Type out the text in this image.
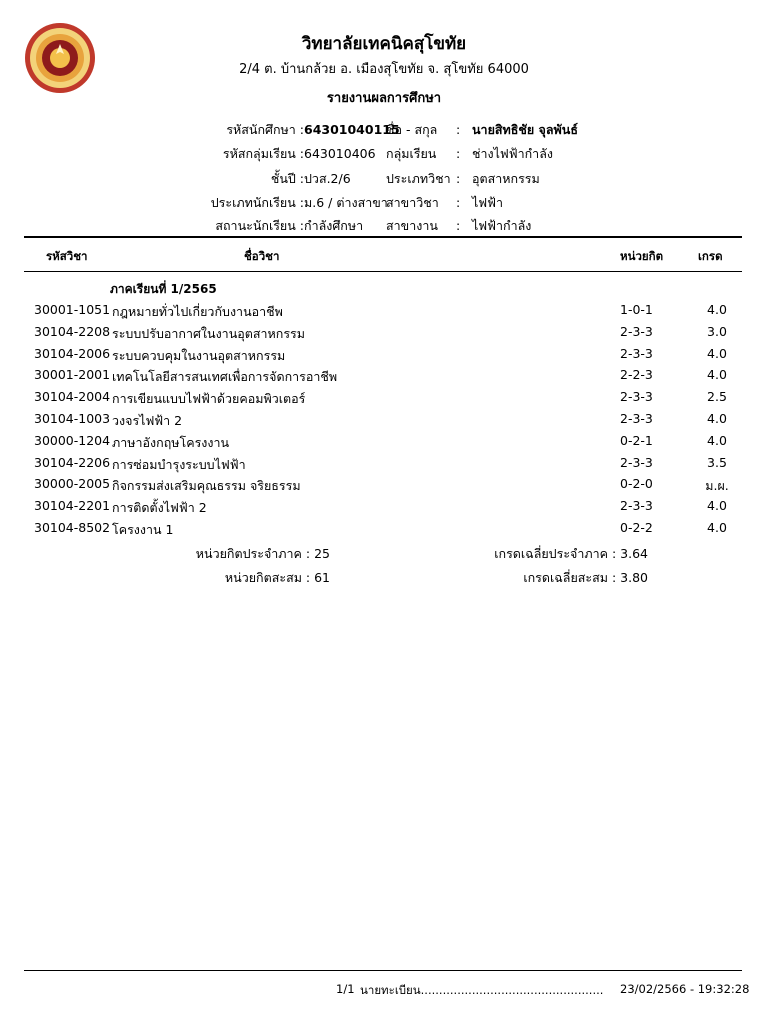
วิทยาลัยเทคนิคสุโขทัย
2/4 ต. บ้านกล้วย อ. เมืองสุโขทัย จ. สุโขทัย 64000
รายงานผลการศึกษา
รหัสนักศึกษา :64301040115
รหัสกลุ่มเรียน :643010406
ชั้นปี :ปวส.2/6
ประเภทนักเรียน :ม.6 / ต่างสาขา
สถานะนักเรียน :กำลังศึกษา
ชื่อ - สกุล : นายสิทธิชัย จุลพันธ์
กลุ่มเรียน : ช่างไฟฟ้ากำลัง
ประเภทวิชา : อุตสาหกรรม
สาขาวิชา : ไฟฟ้า
สาขางาน : ไฟฟ้ากำลัง
รหัสวิชา	ชื่อวิชา	หน่วยกิต	เกรด
ภาคเรียนที่ 1/2565
30001-1051 กฎหมายทั่วไปเกี่ยวกับงานอาชีพ	1-0-1	4.0
30104-2208 ระบบปรับอากาศในงานอุตสาหกรรม	2-3-3	3.0
30104-2006 ระบบควบคุมในงานอุตสาหกรรม	2-3-3	4.0
30001-2001 เทคโนโลยีสารสนเทศเพื่อการจัดการอาชีพ	2-2-3	4.0
30104-2004 การเขียนแบบไฟฟ้าด้วยคอมพิวเตอร์	2-3-3	2.5
30104-1003 วงจรไฟฟ้า 2	2-3-3	4.0
30000-1204 ภาษาอังกฤษโครงงาน	0-2-1	4.0
30104-2206 การซ่อมบำรุงระบบไฟฟ้า	2-3-3	3.5
30000-2005 กิจกรรมส่งเสริมคุณธรรม จริยธรรม	0-2-0	ม.ผ.
30104-2201 การติดตั้งไฟฟ้า 2	2-3-3	4.0
30104-8502 โครงงาน 1	0-2-2	4.0
หน่วยกิตประจำภาค : 25
หน่วยกิตสะสม : 61
เกรดเฉลี่ยประจำภาค : 3.64
เกรดเฉลี่ยสะสม : 3.80
1/1 นายทะเบียน.................................................. 23/02/2566 - 19:32:28
